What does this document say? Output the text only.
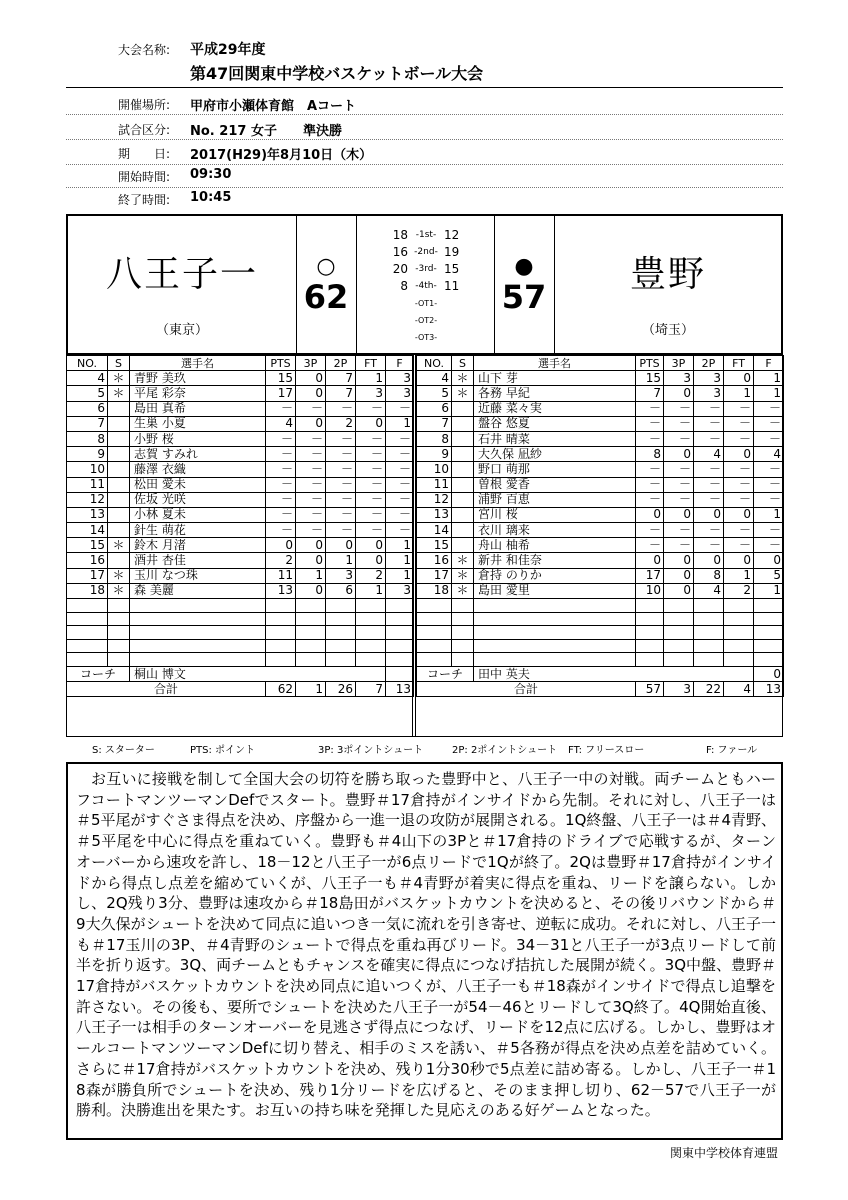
大会名称: 平成29年度
第47回関東中学校バスケットボール大会
開催場所: 甲府市小瀬体育館　Aコート
試合区分: No. 217 女子　　準決勝
期　　日: 2017(H29)年8月10日（木）
開始時間: 09:30
終了時間: 10:45
八王子一
（東京）
○
62
18 -1st- 12
16 -2nd- 19
20 -3rd- 15
8 -4th- 11
-OT1-
-OT2-
-OT3-
●
57
豊野
（埼玉）
NO.	S	選手名	PTS	3P	2P	FT	F
4	＊	青野 美玖	15	0	7	1	3
5	＊	平尾 彩奈	17	0	7	3	3
6		島田 真希	－	－	－	－	－
7		生巣 小夏	4	0	2	0	1
8		小野 桜	－	－	－	－	－
9		志賀 すみれ	－	－	－	－	－
10		藤澤 衣織	－	－	－	－	－
11		松田 愛未	－	－	－	－	－
12		佐坂 光咲	－	－	－	－	－
13		小林 夏未	－	－	－	－	－
14		針生 萌花	－	－	－	－	－
15	＊	鈴木 月渚	0	0	0	0	1
16		酒井 杏佳	2	0	1	0	1
17	＊	玉川 なつ珠	11	1	3	2	1
18	＊	森 美麗	13	0	6	1	3

コーチ		桐山 博文					
合計			62	1	26	7	13
NO.	S	選手名	PTS	3P	2P	FT	F
4	＊	山下 芽	15	3	3	0	1
5	＊	各務 早紀	7	0	3	1	1
6		近藤 菜々実	－	－	－	－	－
7		盤谷 悠夏	－	－	－	－	－
8		石井 晴菜	－	－	－	－	－
9		大久保 凪紗	8	0	4	0	4
10		野口 萌那	－	－	－	－	－
11		曽根 愛香	－	－	－	－	－
12		浦野 百恵	－	－	－	－	－
13		宮川 桜	0	0	0	0	1
14		衣川 璃来	－	－	－	－	－
15		舟山 柚希	－	－	－	－	－
16	＊	新井 和佳奈	0	0	0	0	0
17	＊	倉持 のりか	17	0	8	1	5
18	＊	島田 愛里	10	0	4	2	1

コーチ		田中 英夫					0
合計			57	3	22	4	13
S: スターター	PTS: ポイント	3P: 3ポイントシュート	2P: 2ポイントシュート FT: フリースロー	F: ファール
お互いに接戦を制して全国大会の切符を勝ち取った豊野中と、八王子一中の対戦。両チームともハーフコートマンツーマンDefでスタート。豊野＃17倉持がインサイドから先制。それに対し、八王子一は＃5平尾がすぐさま得点を決め、序盤から一進一退の攻防が展開される。1Q終盤、八王子一は＃4青野、＃5平尾を中心に得点を重ねていく。豊野も＃4山下の3Pと＃17倉持のドライブで応戦するが、ターンオーバーから速攻を許し、18－12と八王子一が6点リードで1Qが終了。2Qは豊野＃17倉持がインサイドから得点し点差を縮めていくが、八王子一も＃4青野が着実に得点を重ね、リードを譲らない。しかし、2Q残り3分、豊野は速攻から＃18島田がバスケットカウントを決めると、その後リバウンドから＃9大久保がシュートを決めて同点に追いつき一気に流れを引き寄せ、逆転に成功。それに対し、八王子一も＃17玉川の3P、＃4青野のシュートで得点を重ね再びリード。34－31と八王子一が3点リードして前半を折り返す。3Q、両チームともチャンスを確実に得点につなげ拮抗した展開が続く。3Q中盤、豊野＃17倉持がバスケットカウントを決め同点に追いつくが、八王子一も＃18森がインサイドで得点し追撃を許さない。その後も、要所でシュートを決めた八王子一が54－46とリードして3Q終了。4Q開始直後、八王子一は相手のターンオーバーを見逃さず得点につなげ、リードを12点に広げる。しかし、豊野はオールコートマンツーマンDefに切り替え、相手のミスを誘い、＃5各務が得点を決め点差を詰めていく。さらに＃17倉持がバスケットカウントを決め、残り1分30秒で5点差に詰め寄る。しかし、八王子一＃18森が勝負所でシュートを決め、残り1分リードを広げると、そのまま押し切り、62－57で八王子一が勝利。決勝進出を果たす。お互いの持ち味を発揮した見応えのある好ゲームとなった。
関東中学校体育連盟
